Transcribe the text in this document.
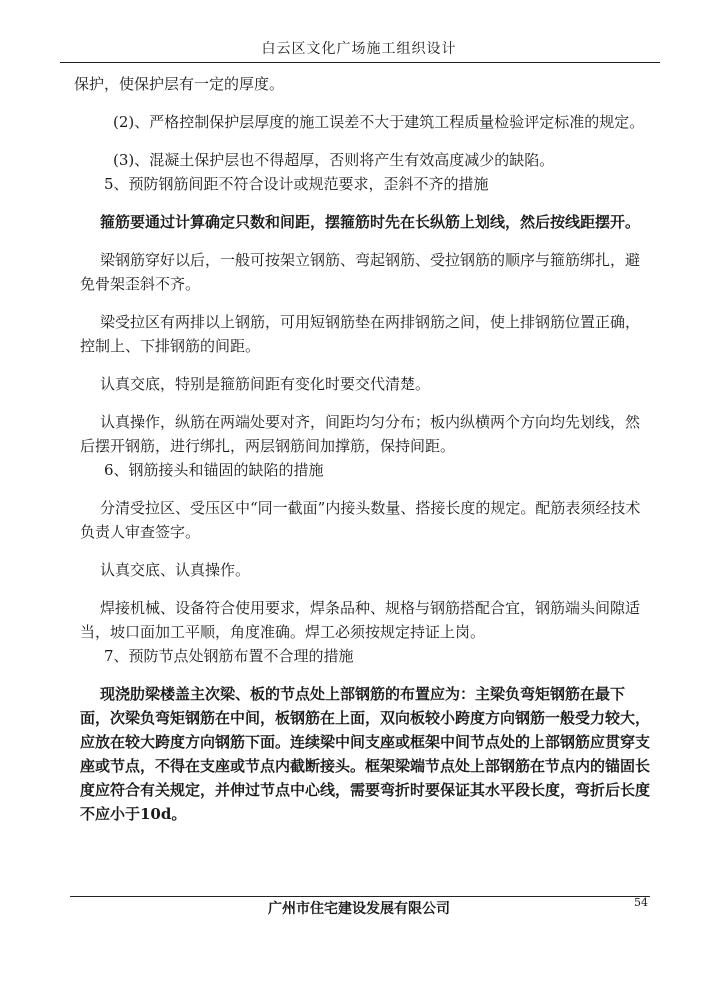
白云区文化广场施工组织设计

保护，使保护层有一定的厚度。

(2)、严格控制保护层厚度的施工误差不大于建筑工程质量检验评定标准的规定。

(3)、混凝土保护层也不得超厚，否则将产生有效高度减少的缺陷。

5、预防钢筋间距不符合设计或规范要求，歪斜不齐的措施

箍筋要通过计算确定只数和间距，摆箍筋时先在长纵筋上划线，然后按线距摆开。

梁钢筋穿好以后，一般可按架立钢筋、弯起钢筋、受拉钢筋的顺序与箍筋绑扎，避免骨架歪斜不齐。

梁受拉区有两排以上钢筋，可用短钢筋垫在两排钢筋之间，使上排钢筋位置正确，控制上、下排钢筋的间距。

认真交底，特别是箍筋间距有变化时要交代清楚。

认真操作，纵筋在两端处要对齐，间距均匀分布；板内纵横两个方向均先划线，然后摆开钢筋，进行绑扎，两层钢筋间加撑筋，保持间距。

6、钢筋接头和锚固的缺陷的措施

分清受拉区、受压区中“同一截面”内接头数量、搭接长度的规定。配筋表须经技术负责人审查签字。

认真交底、认真操作。

焊接机械、设备符合使用要求，焊条品种、规格与钢筋搭配合宜，钢筋端头间隙适当，坡口面加工平顺，角度准确。焊工必须按规定持证上岗。

7、预防节点处钢筋布置不合理的措施

现浇肋梁楼盖主次梁、板的节点处上部钢筋的布置应为：主梁负弯矩钢筋在最下面，次梁负弯矩钢筋在中间，板钢筋在上面，双向板较小跨度方向钢筋一般受力较大，应放在较大跨度方向钢筋下面。连续梁中间支座或框架中间节点处的上部钢筋应贯穿支座或节点，不得在支座或节点内截断接头。框架梁端节点处上部钢筋在节点内的锚固长度应符合有关规定，并伸过节点中心线，需要弯折时要保证其水平段长度，弯折后长度不应小于10d。

广州市住宅建设发展有限公司	54
